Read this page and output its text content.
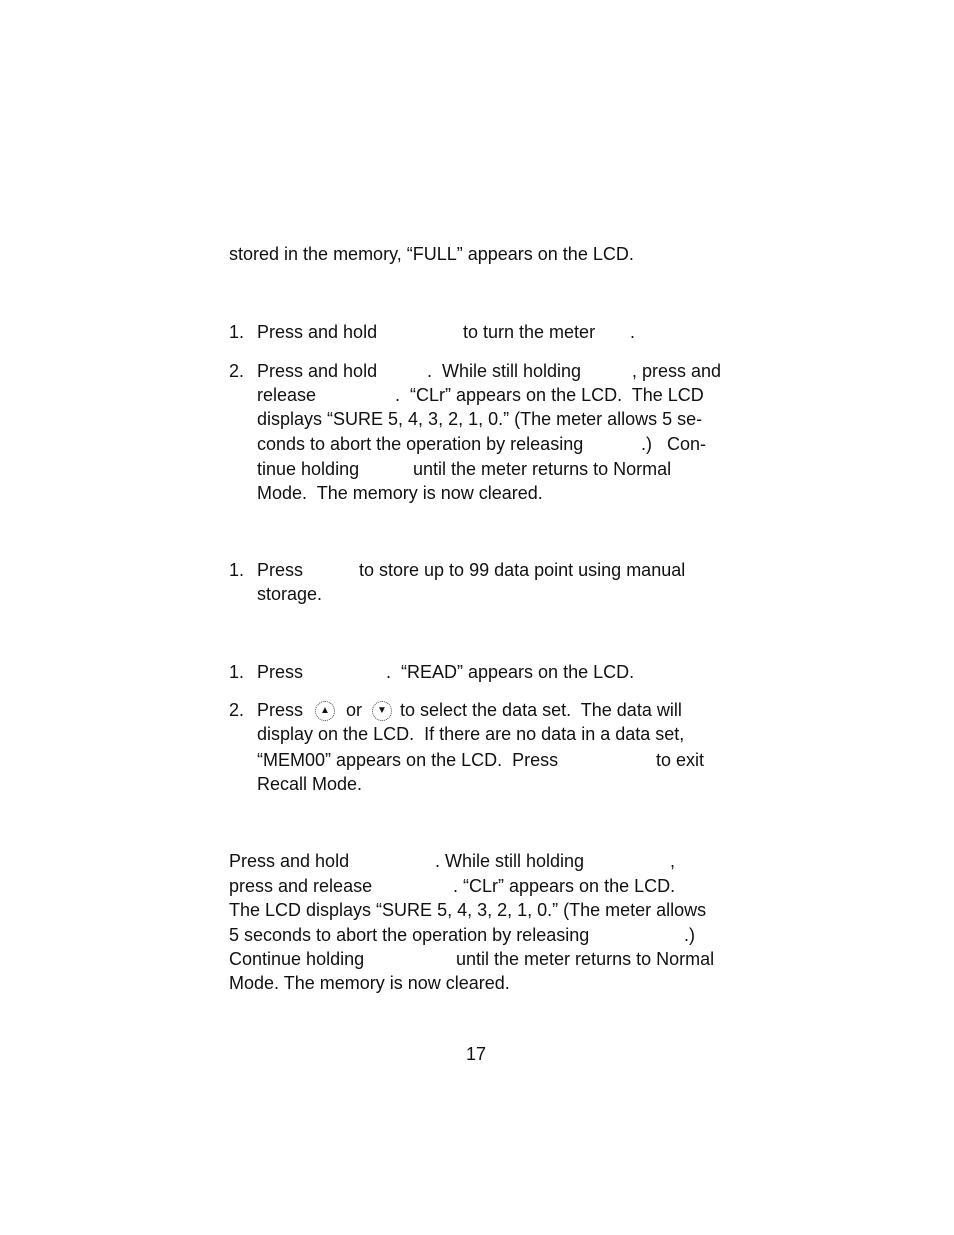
stored in the memory, “FULL” appears on the LCD.
1. Press and hold	to turn the meter .
2. Press and hold	.  While still holding	, press and
release	.  “CLr” appears on the LCD.  The LCD
displays “SURE 5, 4, 3, 2, 1, 0.” (The meter allows 5 se-
conds to abort the operation by releasing	.)   Con-
tinue holding	until the meter returns to Normal
Mode.  The memory is now cleared.
1. Press	to store up to 99 data point using manual
storage.
1. Press	.  “READ” appears on the LCD.
2. Press	▲ or	▼ to select the data set.  The data will
display on the LCD.  If there are no data in a data set,
“MEM00” appears on the LCD.  Press	to exit
Recall Mode.
Press and hold	. While still holding	,
press and release	. “CLr” appears on the LCD.
The LCD displays “SURE 5, 4, 3, 2, 1, 0.” (The meter allows
5 seconds to abort the operation by releasing	.)
Continue holding	until the meter returns to Normal
Mode. The memory is now cleared.
17
